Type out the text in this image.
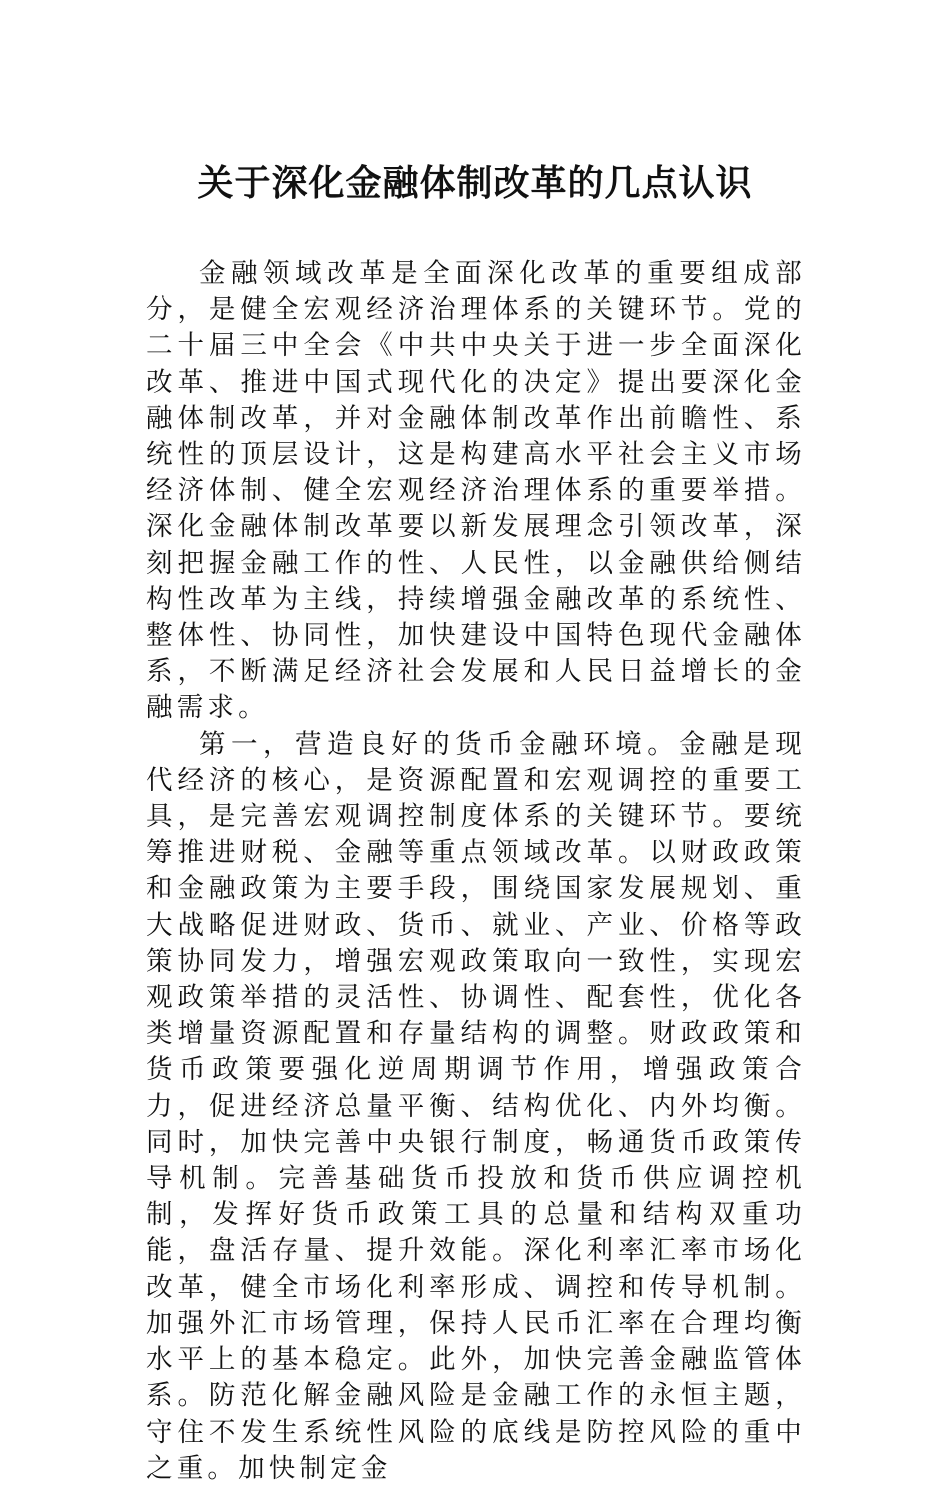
关于深化金融体制改革的几点认识

金融领域改革是全面深化改革的重要组成部分，是健全宏观经济治理体系的关键环节。党的二十届三中全会《中共中央关于进一步全面深化改革、推进中国式现代化的决定》提出要深化金融体制改革，并对金融体制改革作出前瞻性、系统性的顶层设计，这是构建高水平社会主义市场经济体制、健全宏观经济治理体系的重要举措。深化金融体制改革要以新发展理念引领改革，深刻把握金融工作的性、人民性，以金融供给侧结构性改革为主线，持续增强金融改革的系统性、整体性、协同性，加快建设中国特色现代金融体系，不断满足经济社会发展和人民日益增长的金融需求。

第一，营造良好的货币金融环境。金融是现代经济的核心，是资源配置和宏观调控的重要工具，是完善宏观调控制度体系的关键环节。要统筹推进财税、金融等重点领域改革。以财政政策和金融政策为主要手段，围绕国家发展规划、重大战略促进财政、货币、就业、产业、价格等政策协同发力，增强宏观政策取向一致性，实现宏观政策举措的灵活性、协调性、配套性，优化各类增量资源配置和存量结构的调整。财政政策和货币政策要强化逆周期调节作用，增强政策合力，促进经济总量平衡、结构优化、内外均衡。同时，加快完善中央银行制度，畅通货币政策传导机制。完善基础货币投放和货币供应调控机制，发挥好货币政策工具的总量和结构双重功能，盘活存量、提升效能。深化利率汇率市场化改革，健全市场化利率形成、调控和传导机制。加强外汇市场管理，保持人民币汇率在合理均衡水平上的基本稳定。此外，加快完善金融监管体系。防范化解金融风险是金融工作的永恒主题，守住不发生系统性风险的底线是防控风险的重中之重。加快制定金
